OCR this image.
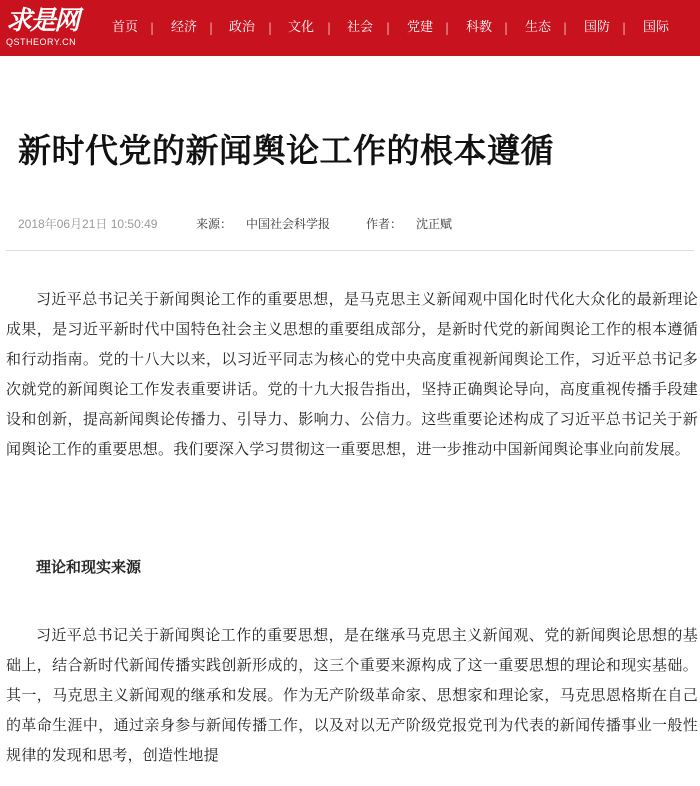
求是网
QSTHEORY.CN
首页 | 经济 | 政治 | 文化 | 社会 | 党建 | 科教 | 生态 | 国防 | 国际
新时代党的新闻舆论工作的根本遵循
2018年06月21日 10:50:49	来源： 中国社会科学报	作者： 沈正赋

习近平总书记关于新闻舆论工作的重要思想，是马克思主义新闻观中国化时代化大众化的最新理论成果，是习近平新时代中国特色社会主义思想的重要组成部分，是新时代党的新闻舆论工作的根本遵循和行动指南。党的十八大以来，以习近平同志为核心的党中央高度重视新闻舆论工作，习近平总书记多次就党的新闻舆论工作发表重要讲话。党的十九大报告指出，坚持正确舆论导向，高度重视传播手段建设和创新，提高新闻舆论传播力、引导力、影响力、公信力。这些重要论述构成了习近平总书记关于新闻舆论工作的重要思想。我们要深入学习贯彻这一重要思想，进一步推动中国新闻舆论事业向前发展。

理论和现实来源

习近平总书记关于新闻舆论工作的重要思想，是在继承马克思主义新闻观、党的新闻舆论思想的基础上，结合新时代新闻传播实践创新形成的，这三个重要来源构成了这一重要思想的理论和现实基础。其一，马克思主义新闻观的继承和发展。作为无产阶级革命家、思想家和理论家，马克思恩格斯在自己的革命生涯中，通过亲身参与新闻传播工作，以及对以无产阶级党报党刊为代表的新闻传播事业一般性规律的发现和思考，创造性地提
